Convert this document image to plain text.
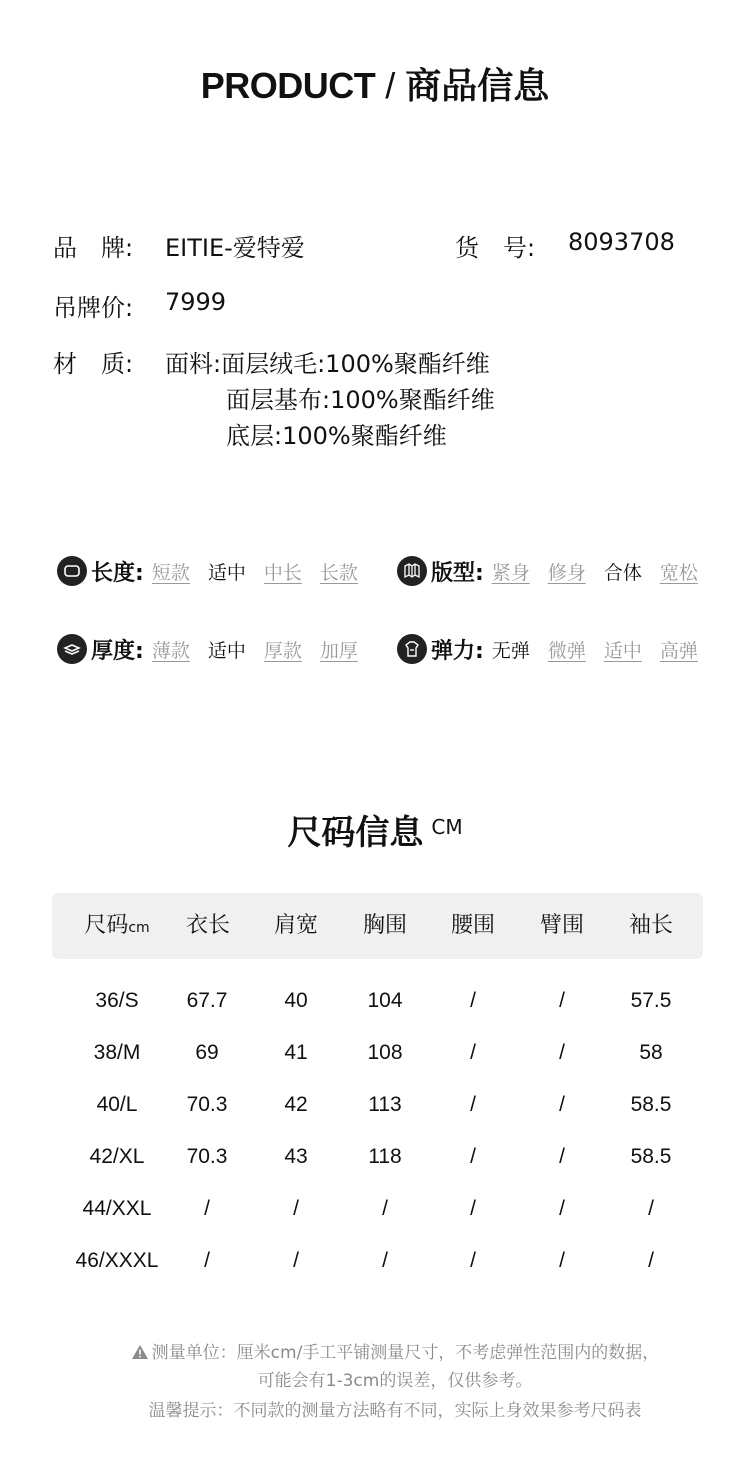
PRODUCT / 商品信息
品　牌: EITIE-爱特爱	货　号: 8093708
吊牌价: 7999
材　质: 面料:面层绒毛:100%聚酯纤维
面层基布:100%聚酯纤维
底层:100%聚酯纤维
长度: 短款 适中 中长 长款	版型: 紧身 修身 合体 宽松
厚度: 薄款 适中 厚款 加厚	弹力: 无弹 微弹 适中 高弹
尺码信息 $^{CM}$
尺码cm	衣长	肩宽	胸围	腰围	臂围	袖长
36/S	67.7	40	104	/	/	57.5
38/M	69	41	108	/	/	58
40/L	70.3	42	113	/	/	58.5
42/XL	70.3	43	118	/	/	58.5
44/XXL	/	/	/	/	/	/
46/XXXL	/	/	/	/	/	/
测量单位：厘米cm/手工平铺测量尺寸，不考虑弹性范围内的数据，
可能会有1-3cm的误差，仅供参考。
温馨提示：不同款的测量方法略有不同，实际上身效果参考尺码表
